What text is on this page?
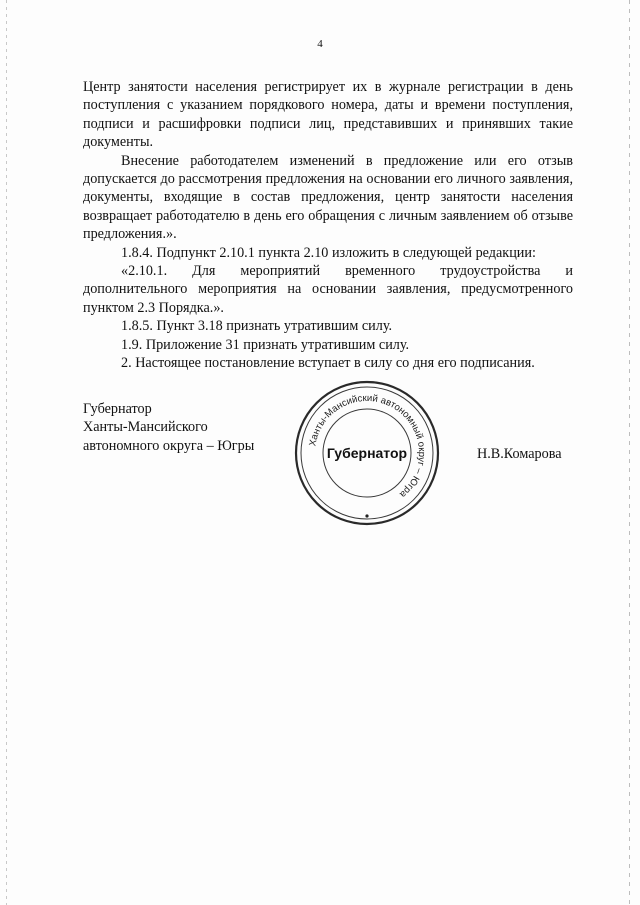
4

Центр занятости населения регистрирует их в журнале регистрации в день поступления с указанием порядкового номера, даты и времени поступления, подписи и расшифровки подписи лиц, представивших и принявших такие документы.

Внесение работодателем изменений в предложение или его отзыв допускается до рассмотрения предложения на основании его личного заявления, документы, входящие в состав предложения, центр занятости населения возвращает работодателю в день его обращения с личным заявлением об отзыве предложения.».

1.8.4. Подпункт 2.10.1 пункта 2.10 изложить в следующей редакции:

«2.10.1. Для мероприятий временного трудоустройства и дополнительного мероприятия на основании заявления, предусмотренного пунктом 2.3 Порядка.».

1.8.5. Пункт 3.18 признать утратившим силу.

1.9. Приложение 31 признать утратившим силу.

2. Настоящее постановление вступает в силу со дня его подписания.

Губернатор
Ханты-Мансийского
автономного округа – Югры	Ханты-Мансийский автономный округ – Югра
Губернатор	Н.В.Комарова
